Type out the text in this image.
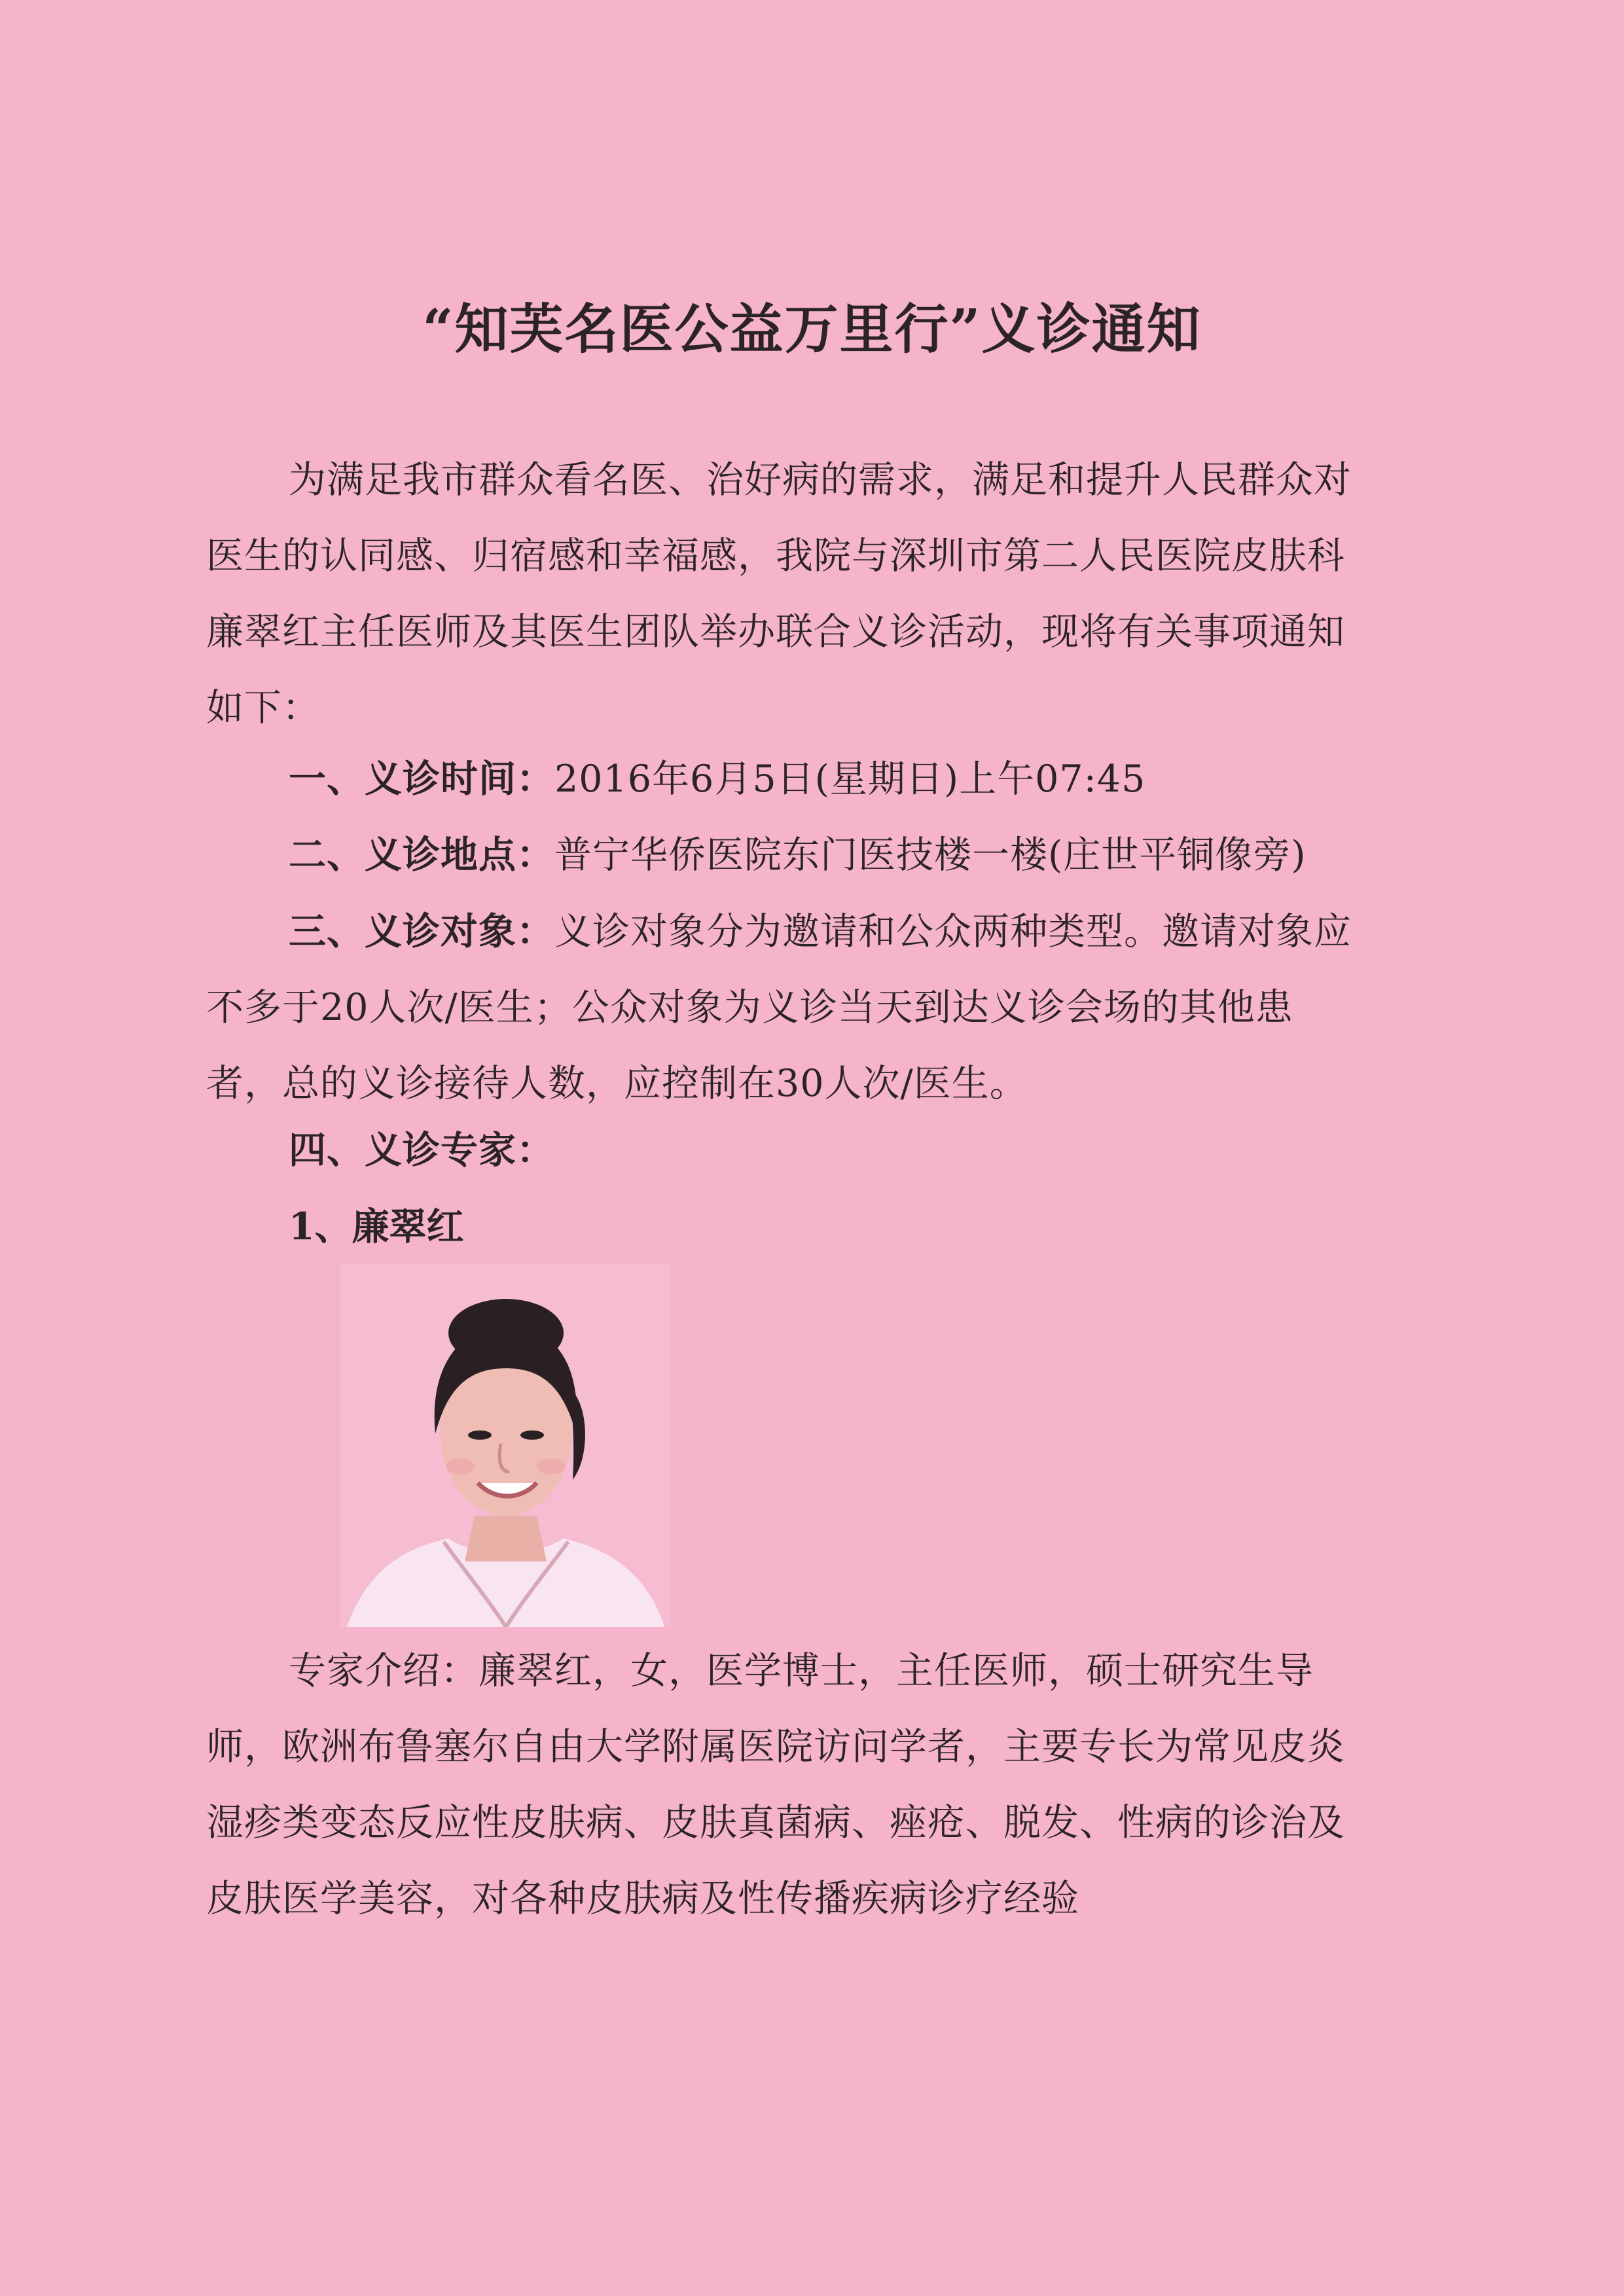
“知芙名医公益万里行”义诊通知
为满足我市群众看名医、治好病的需求，满足和提升人民群众对医生的认同感、归宿感和幸福感，我院与深圳市第二人民医院皮肤科廉翠红主任医师及其医生团队举办联合义诊活动，现将有关事项通知如下：
一、义诊时间：2016年6月5日(星期日)上午07:45
二、义诊地点：普宁华侨医院东门医技楼一楼(庄世平铜像旁)
三、义诊对象：义诊对象分为邀请和公众两种类型。邀请对象应不多于20人次/医生；公众对象为义诊当天到达义诊会场的其他患者，总的义诊接待人数，应控制在30人次/医生。
四、义诊专家：
1、廉翠红
专家介绍：廉翠红，女，医学博士，主任医师，硕士研究生导师，欧洲布鲁塞尔自由大学附属医院访问学者，主要专长为常见皮炎湿疹类变态反应性皮肤病、皮肤真菌病、痤疮、脱发、性病的诊治及皮肤医学美容，对各种皮肤病及性传播疾病诊疗经验
